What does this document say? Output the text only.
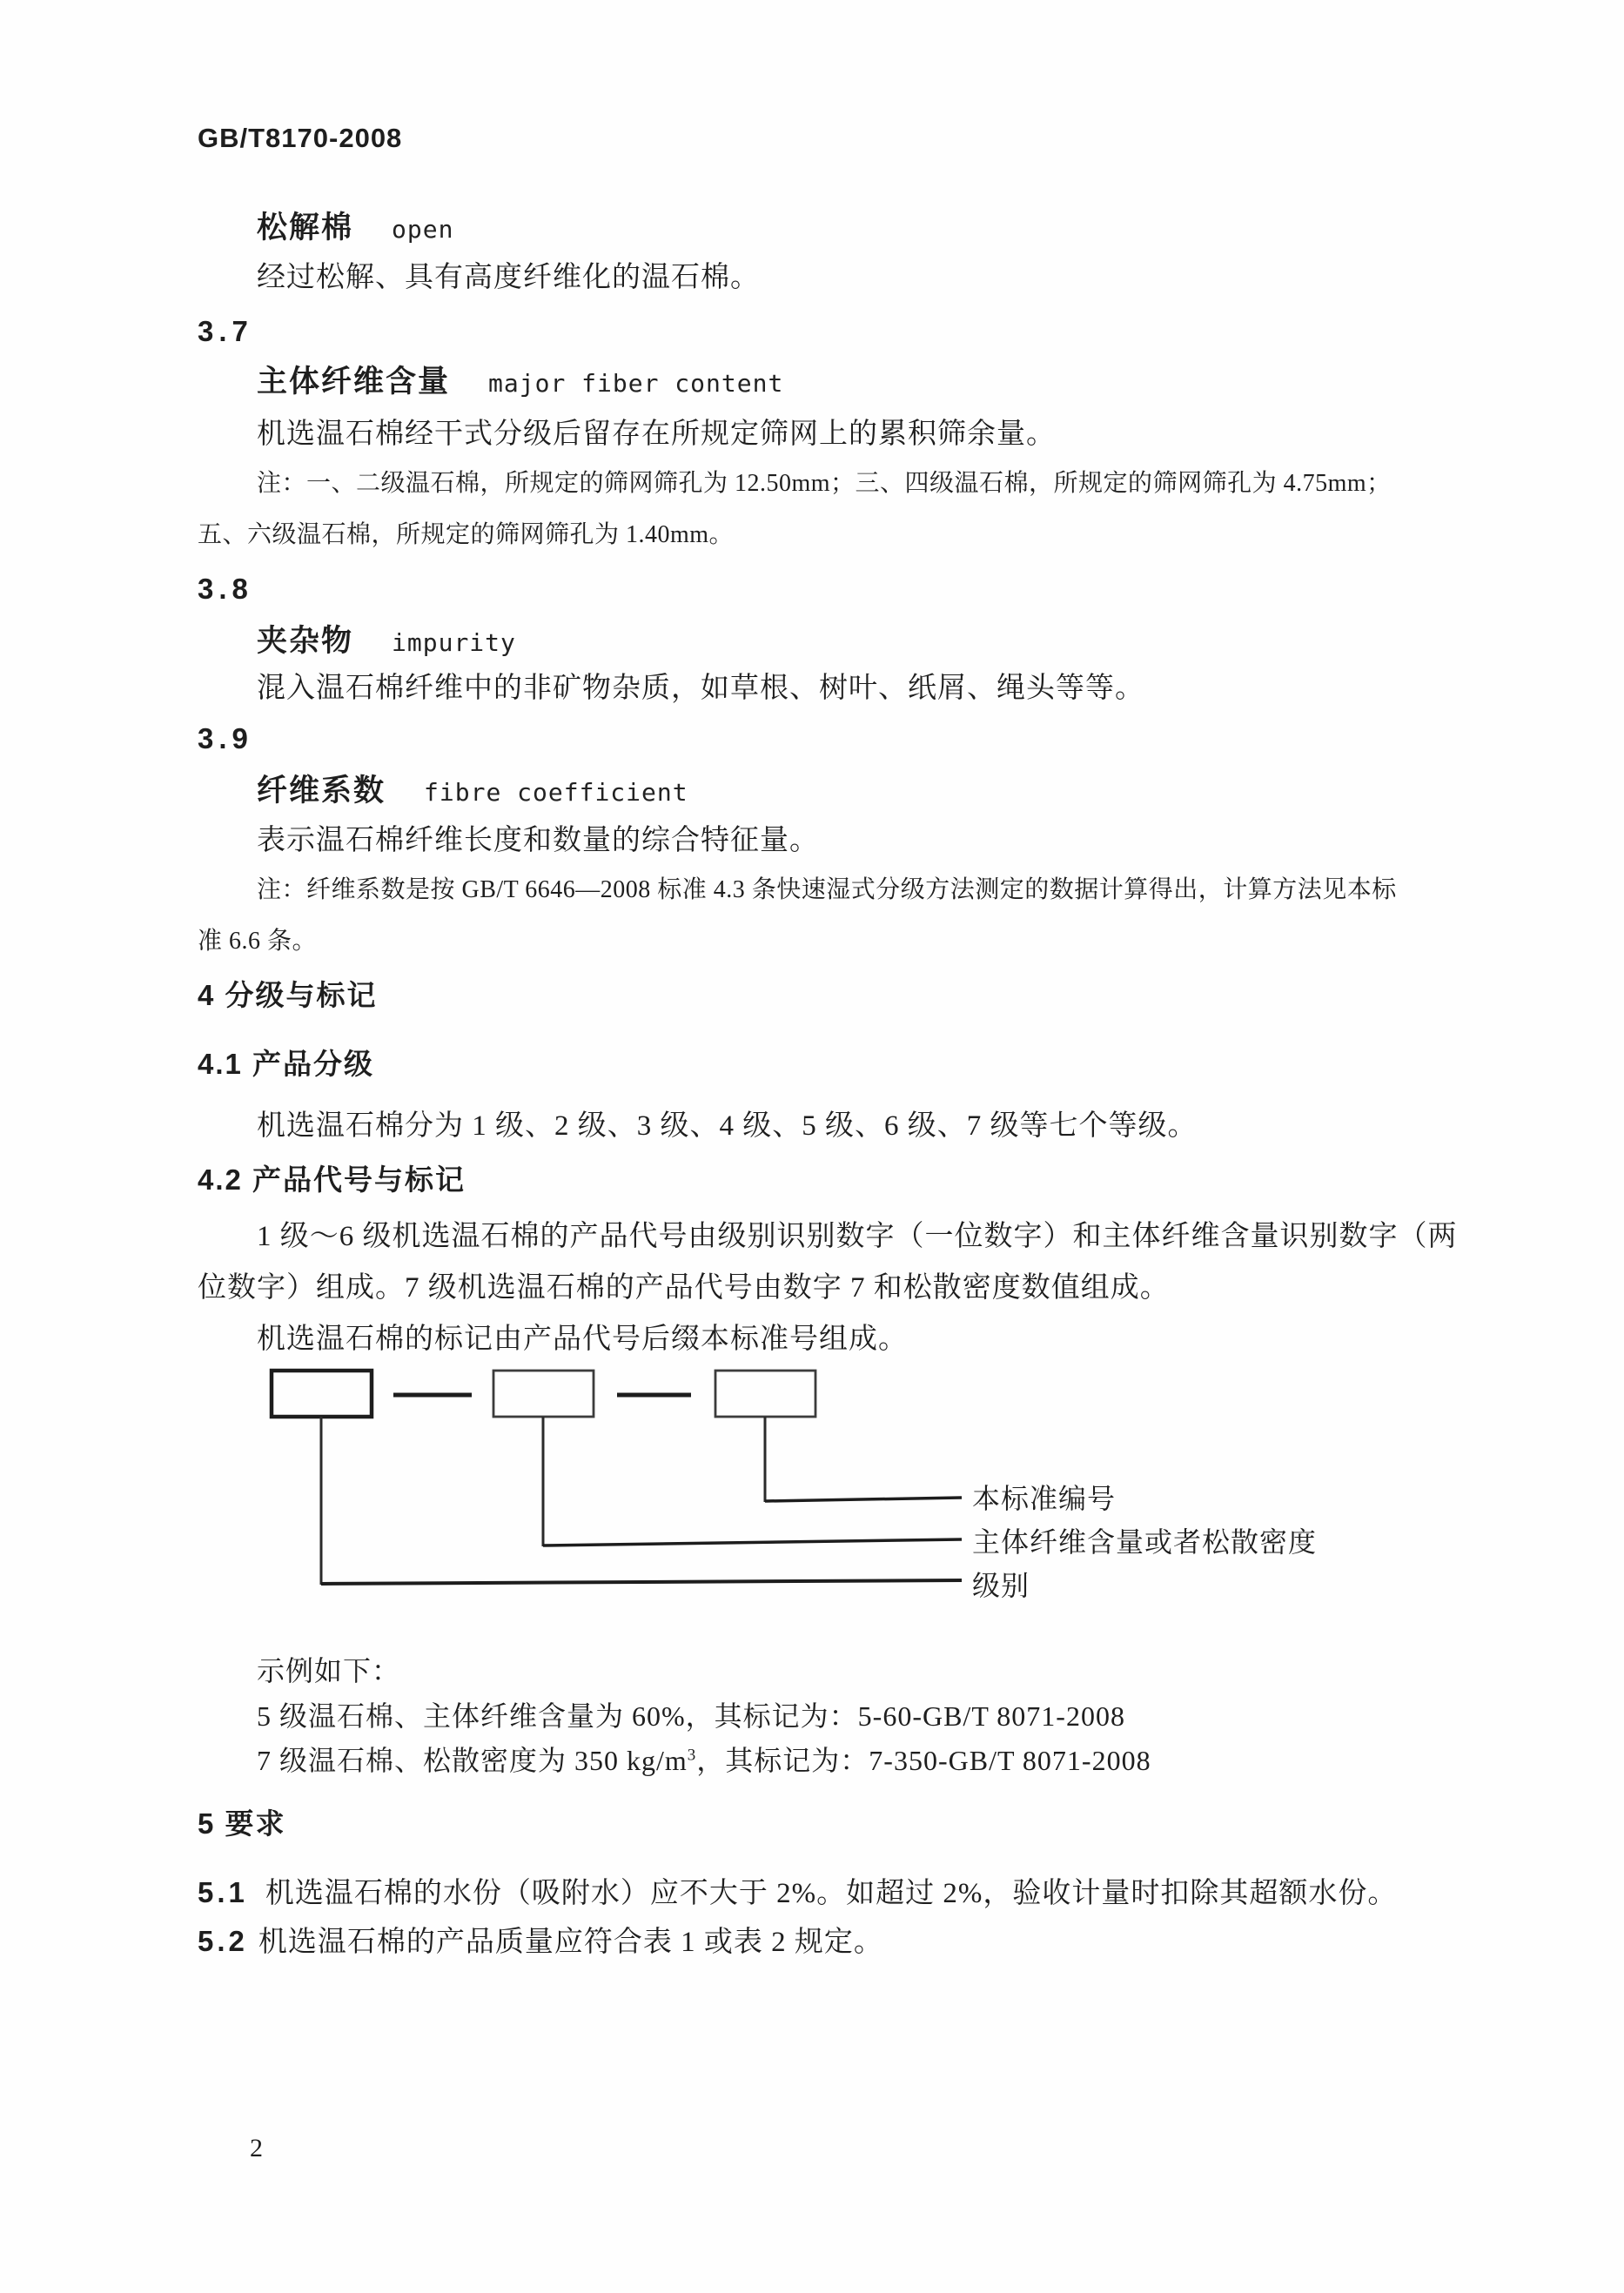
GB/T8170-2008
松解棉 open
经过松解、具有高度纤维化的温石棉。
3.7
主体纤维含量 major fiber content
机选温石棉经干式分级后留存在所规定筛网上的累积筛余量。
注：一、二级温石棉，所规定的筛网筛孔为 12.50mm；三、四级温石棉，所规定的筛网筛孔为 4.75mm；
五、六级温石棉，所规定的筛网筛孔为 1.40mm。
3.8
夹杂物 impurity
混入温石棉纤维中的非矿物杂质，如草根、树叶、纸屑、绳头等等。
3.9
纤维系数 fibre coefficient
表示温石棉纤维长度和数量的综合特征量。
注：纤维系数是按 GB/T 6646—2008 标准 4.3 条快速湿式分级方法测定的数据计算得出，计算方法见本标
准 6.6 条。
4 分级与标记
4.1 产品分级
机选温石棉分为 1 级、2 级、3 级、4 级、5 级、6 级、7 级等七个等级。
4.2 产品代号与标记
1 级～6 级机选温石棉的产品代号由级别识别数字（一位数字）和主体纤维含量识别数字（两
位数字）组成。7 级机选温石棉的产品代号由数字 7 和松散密度数值组成。
机选温石棉的标记由产品代号后缀本标准号组成。
本标准编号
主体纤维含量或者松散密度
级别
示例如下：
5 级温石棉、主体纤维含量为 60%，其标记为：5-60-GB/T 8071-2008
7 级温石棉、松散密度为 350 $kg/m^3$，其标记为：7-350-GB/T 8071-2008
5 要求
5.1 机选温石棉的水份（吸附水）应不大于 2%。如超过 2%，验收计量时扣除其超额水份。
5.2 机选温石棉的产品质量应符合表 1 或表 2 规定。
2
